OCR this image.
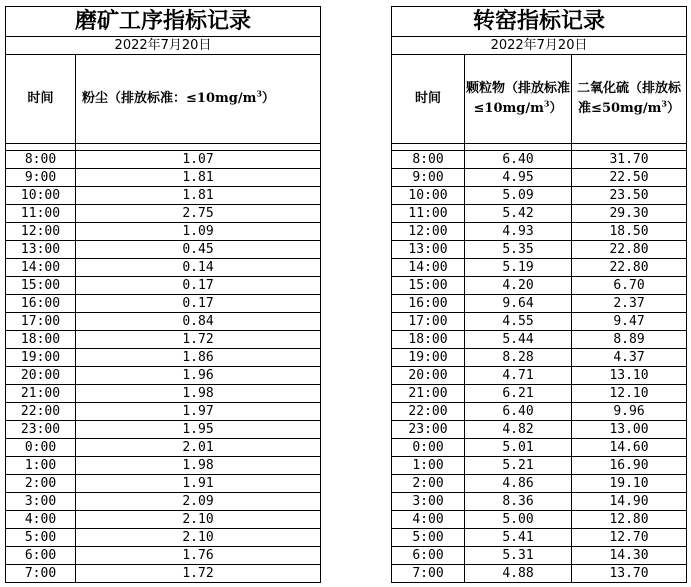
磨矿工序指标记录	
2022年7月20日	
时间	粉尘（排放标准：$\le 10mg/m^3$）

8:00	1.07
9:00	1.81
10:00	1.81
11:00	2.75
12:00	1.09
13:00	0.45
14:00	0.14
15:00	0.17
16:00	0.17
17:00	0.84
18:00	1.72
19:00	1.86
20:00	1.96
21:00	1.98
22:00	1.97
23:00	1.95
0:00	2.01
1:00	1.98
2:00	1.91
3:00	2.09
4:00	2.10
5:00	2.10
6:00	1.76
7:00	1.72
转窑指标记录		
2022年7月20日		
时间	颗粒物（排放标准$\le 10mg/m^3$）	二氧化硫（排放标准$\le 50mg/m^3$）

8:00	6.40	31.70
9:00	4.95	22.50
10:00	5.09	23.50
11:00	5.42	29.30
12:00	4.93	18.50
13:00	5.35	22.80
14:00	5.19	22.80
15:00	4.20	6.70
16:00	9.64	2.37
17:00	4.55	9.47
18:00	5.44	8.89
19:00	8.28	4.37
20:00	4.71	13.10
21:00	6.21	12.10
22:00	6.40	9.96
23:00	4.82	13.00
0:00	5.01	14.60
1:00	5.21	16.90
2:00	4.86	19.10
3:00	8.36	14.90
4:00	5.00	12.80
5:00	5.41	12.70
6:00	5.31	14.30
7:00	4.88	13.70
